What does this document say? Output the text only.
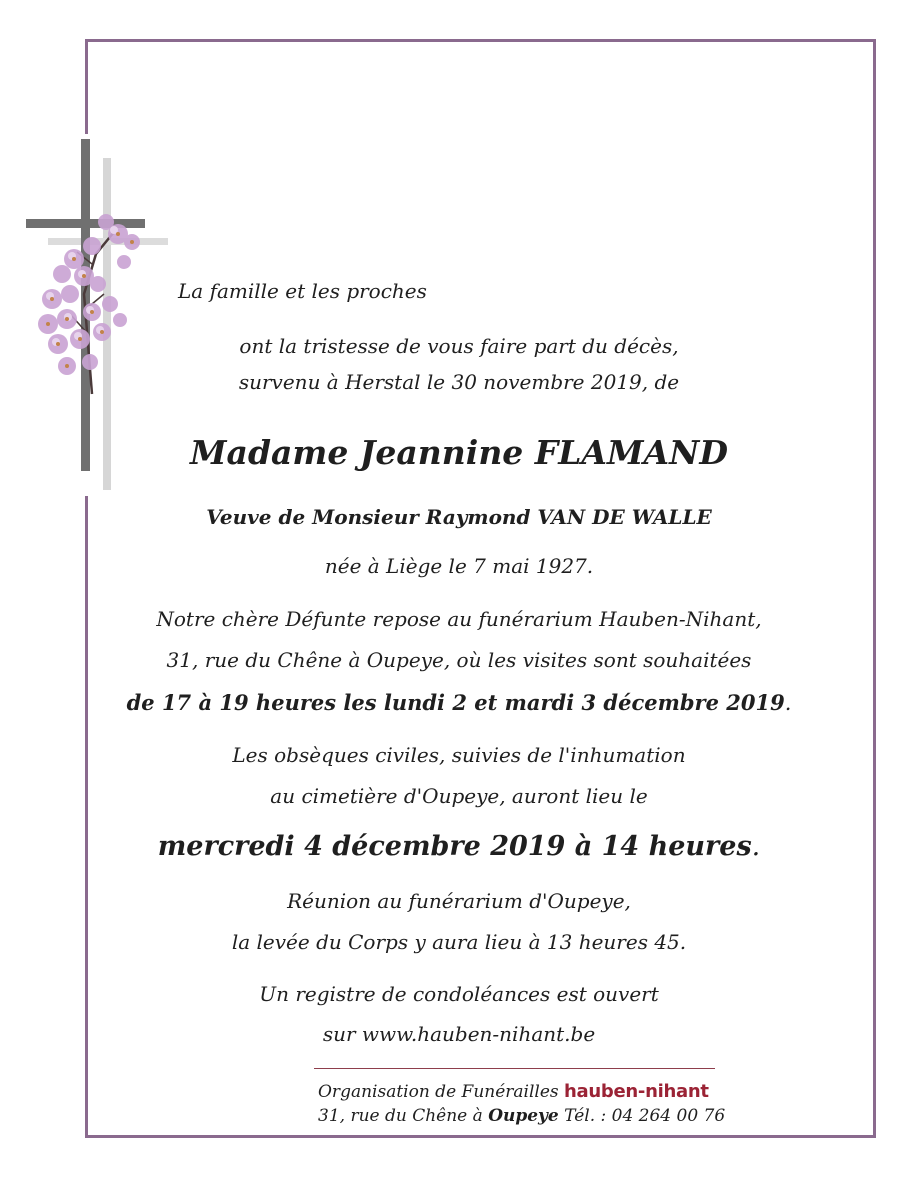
La famille et les proches
ont la tristesse de vous faire part du décès,
survenu à Herstal le 30 novembre 2019, de
Madame Jeannine FLAMAND
Veuve de Monsieur Raymond VAN DE WALLE
née à Liège le 7 mai 1927.
Notre chère Défunte repose au funérarium Hauben-Nihant,
31, rue du Chêne à Oupeye, où les visites sont souhaitées
de 17 à 19 heures les lundi 2 et mardi 3 décembre 2019.
Les obsèques civiles, suivies de l'inhumation
au cimetière d'Oupeye, auront lieu le
mercredi 4 décembre 2019 à 14 heures.
Réunion au funérarium d'Oupeye,
la levée du Corps y aura lieu à 13 heures 45.
Un registre de condoléances est ouvert
sur www.hauben-nihant.be
Organisation de Funérailles hauben-nihant
31, rue du Chêne à Oupeye Tél. : 04 264 00 76
